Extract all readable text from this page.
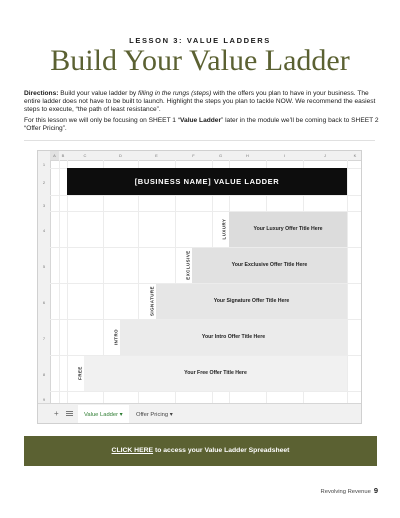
LESSON 3: VALUE LADDERS
Build Your Value Ladder
Directions: Build your value ladder by filling in the rungs (steps) with the offers you plan to have in your business. The entire ladder does not have to be built to launch. Highlight the steps you plan to tackle NOW. We recommend the easiest steps to execute, “the path of least resistance”.
For this lesson we will only be focusing on SHEET 1 “Value Ladder” later in the module we’ll be coming back to SHEET 2 “Offer Pricing”.
A	B	C	D	E	F	G	H	I	J	K
1
2
3
4
5
6
7
8
9
[BUSINESS NAME] VALUE LADDER
Your Luxury Offer Title Here
Your Exclusive Offer Title Here
Your Signature Offer Title Here
Your Intro Offer Title Here
Your Free Offer Title Here
LUXURY
EXCLUSIVE
SIGNATURE
INTRO
FREE
+	Value Ladder ▾	Offer Pricing ▾
CLICK HERE to access your Value Ladder Spreadsheet
Revolving Revenue 9
